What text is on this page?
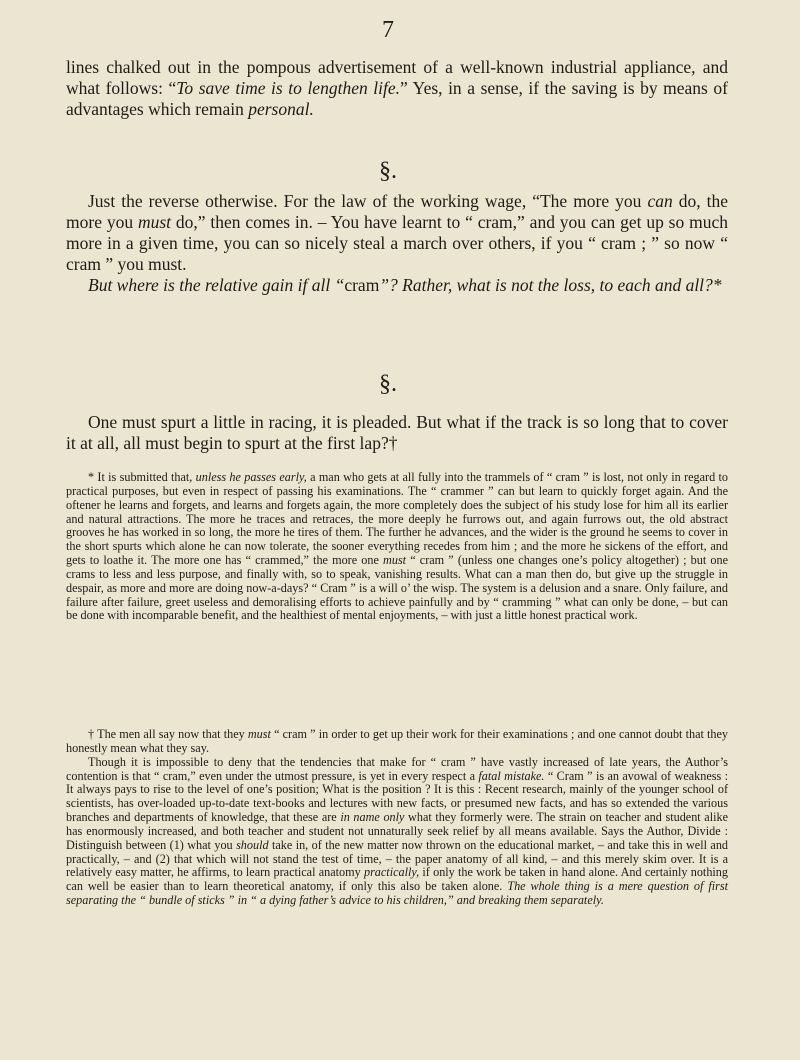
7

lines chalked out in the pompous advertisement of a well-known industrial appliance, and what follows: “To save time is to lengthen life.” Yes, in a sense, if the saving is by means of advantages which remain personal.

§.

Just the reverse otherwise. For the law of the working wage, “The more you can do, the more you must do,” then comes in. – You have learnt to “ cram,” and you can get up so much more in a given time, you can so nicely steal a march over others, if you “ cram ; ” so now “ cram ” you must.

But where is the relative gain if all “cram”? Rather, what is not the loss, to each and all?*

§.

One must spurt a little in racing, it is pleaded. But what if the track is so long that to cover it at all, all must begin to spurt at the first lap?†

* It is submitted that, unless he passes early, a man who gets at all fully into the trammels of “ cram ” is lost, not only in regard to practical purposes, but even in respect of passing his examinations. The “ crammer ” can but learn to quickly forget again. And the oftener he learns and forgets, and learns and forgets again, the more completely does the subject of his study lose for him all its earlier and natural attractions. The more he traces and retraces, the more deeply he furrows out, and again furrows out, the old abstract grooves he has worked in so long, the more he tires of them. The further he advances, and the wider is the ground he seems to cover in the short spurts which alone he can now tolerate, the sooner everything recedes from him ; and the more he sickens of the effort, and gets to loathe it. The more one has “ crammed,” the more one must “ cram ” (unless one changes one’s policy altogether) ; but one crams to less and less purpose, and finally with, so to speak, vanishing results. What can a man then do, but give up the struggle in despair, as more and more are doing now-a-days? “ Cram ” is a will o’ the wisp. The system is a delusion and a snare. Only failure, and failure after failure, greet useless and demoralising efforts to achieve painfully and by “ cramming ” what can only be done, – but can be done with incomparable benefit, and the healthiest of mental enjoyments, – with just a little honest practical work.

† The men all say now that they must “ cram ” in order to get up their work for their examinations ; and one cannot doubt that they honestly mean what they say.

Though it is impossible to deny that the tendencies that make for “ cram ” have vastly increased of late years, the Author’s contention is that “ cram,” even under the utmost pressure, is yet in every respect a fatal mistake. “ Cram ” is an avowal of weakness : It always pays to rise to the level of one’s position; What is the position ? It is this : Recent research, mainly of the younger school of scientists, has over-loaded up-to-date text-books and lectures with new facts, or presumed new facts, and has so extended the various branches and departments of knowledge, that these are in name only what they formerly were. The strain on teacher and student alike has enormously increased, and both teacher and student not unnaturally seek relief by all means available. Says the Author, Divide : Distinguish between (1) what you should take in, of the new matter now thrown on the educational market, – and take this in well and practically, – and (2) that which will not stand the test of time, – the paper anatomy of all kind, – and this merely skim over. It is a relatively easy matter, he affirms, to learn practical anatomy practically, if only the work be taken in hand alone. And certainly nothing can well be easier than to learn theoretical anatomy, if only this also be taken alone. The whole thing is a mere question of first separating the “ bundle of sticks ” in “ a dying father’s advice to his children,” and breaking them separately.
